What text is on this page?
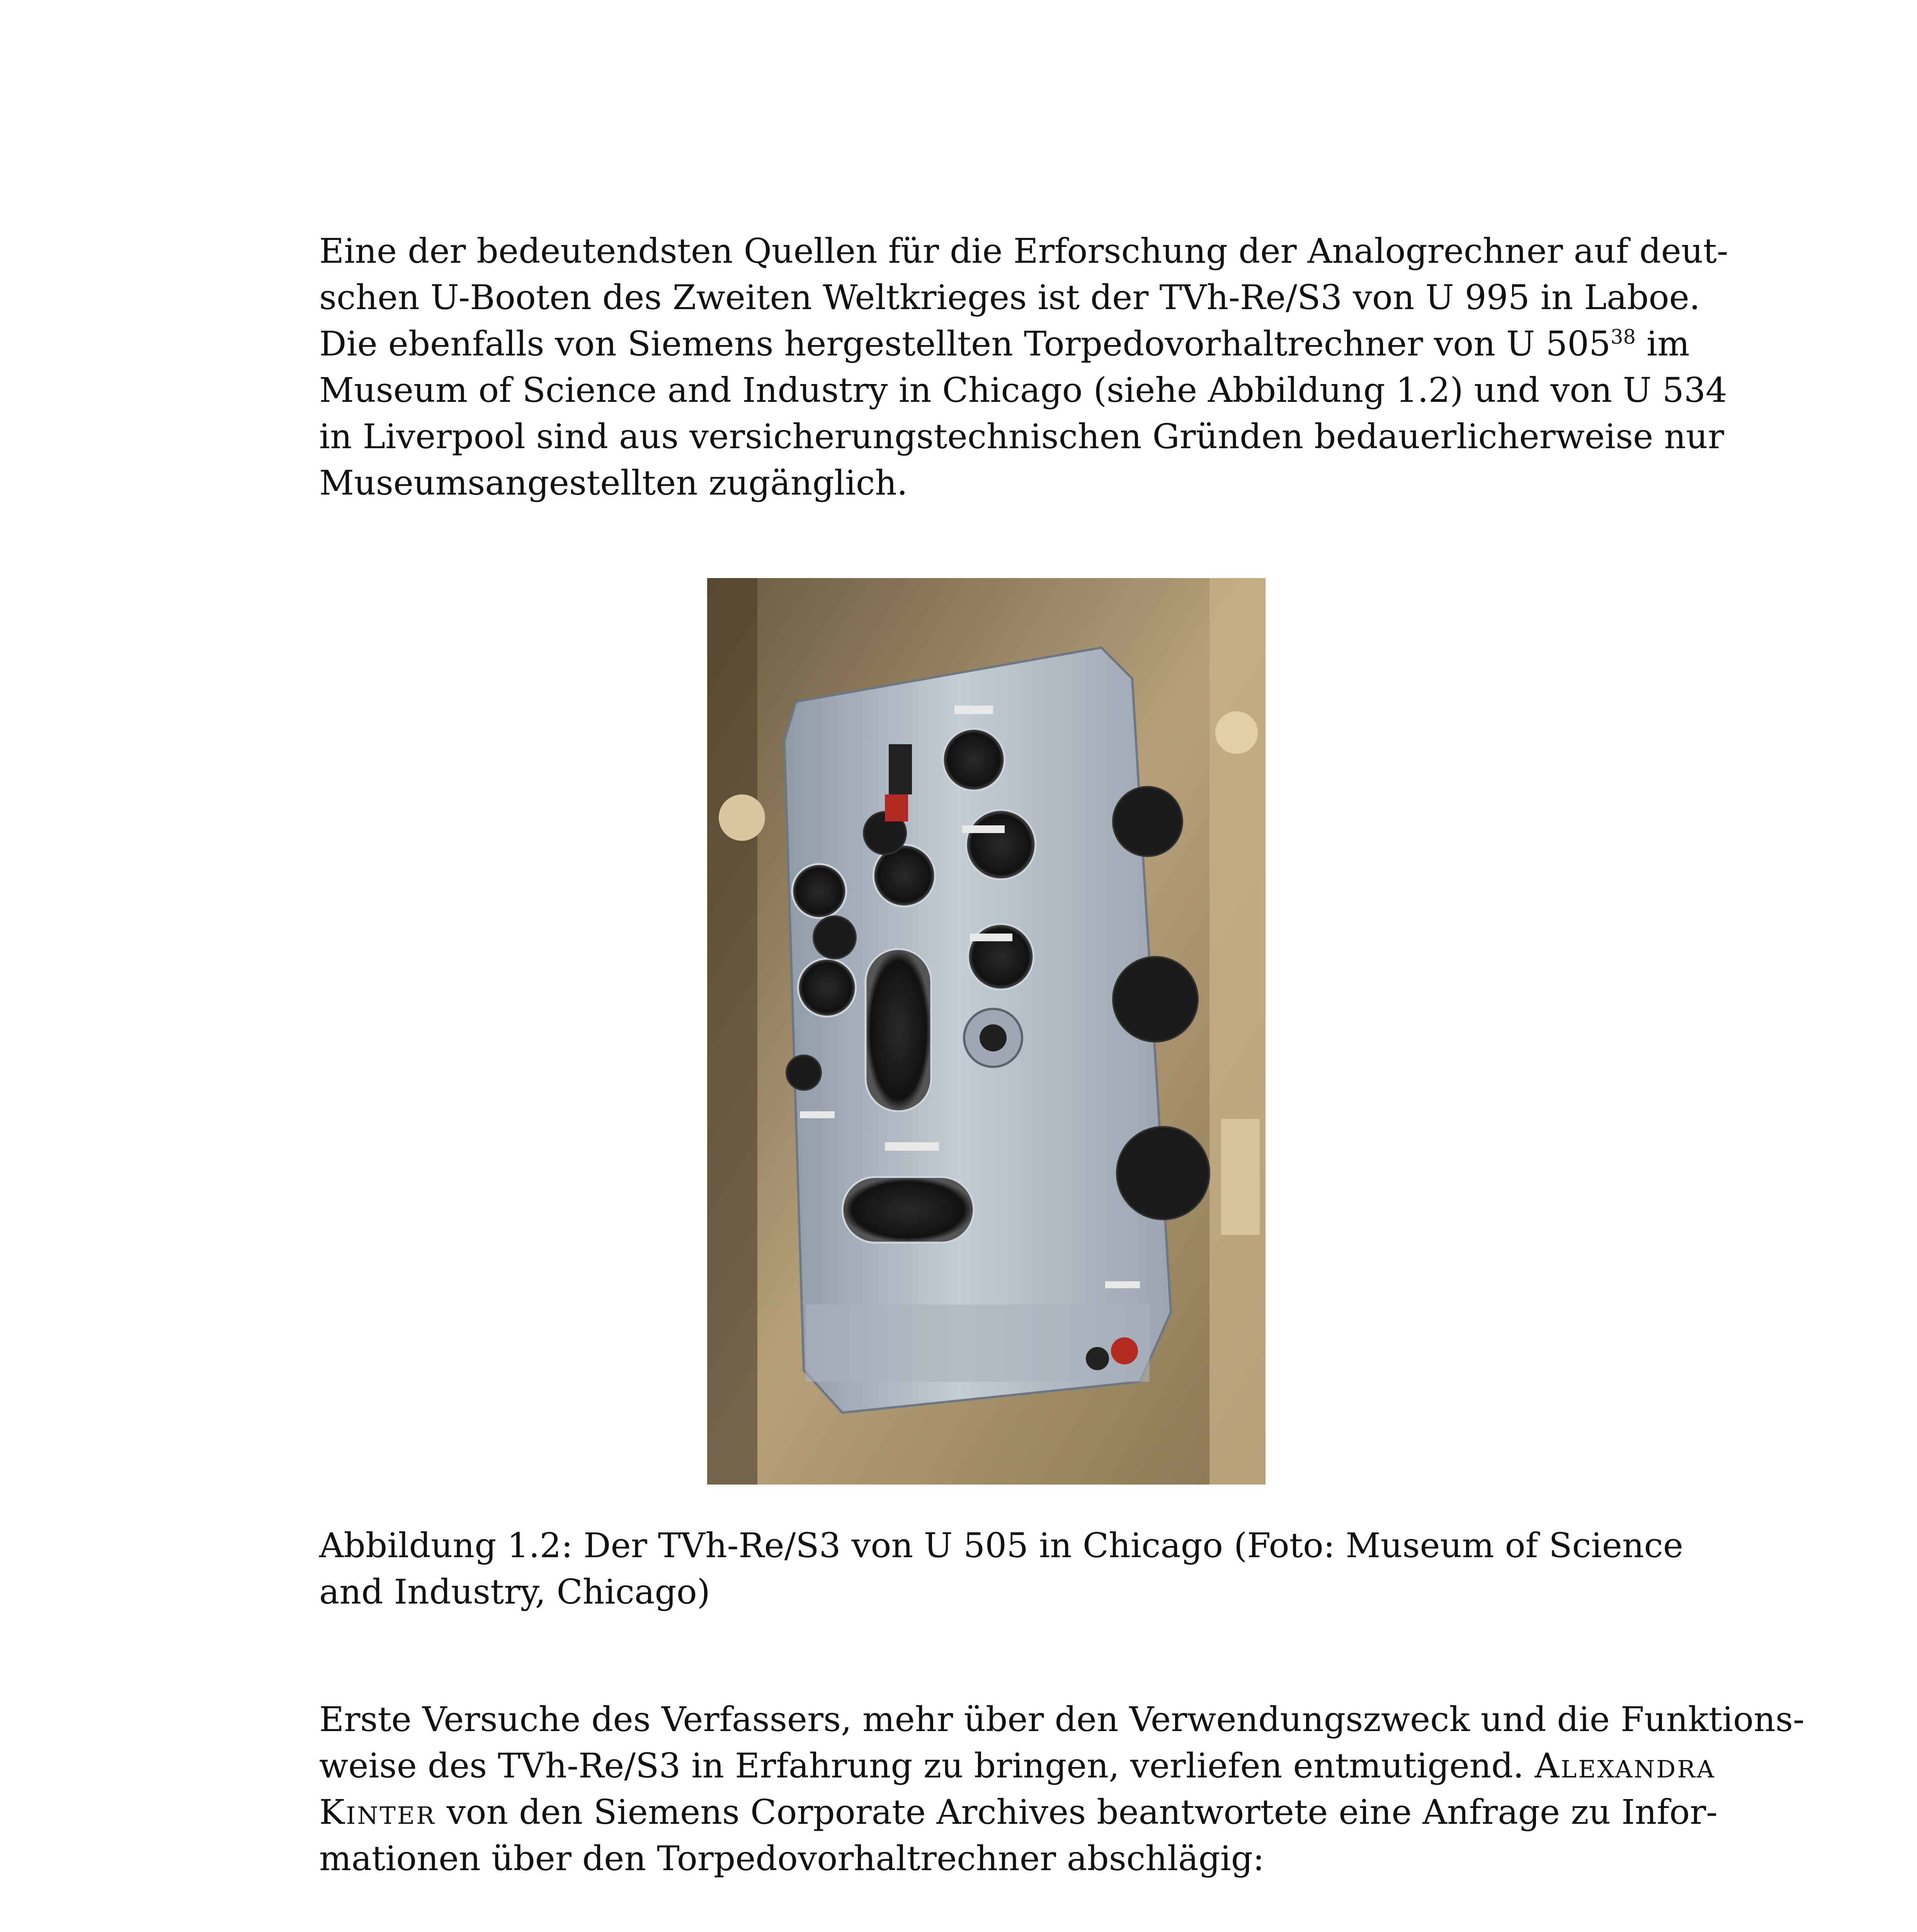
Eine der bedeutendsten Quellen für die Erforschung der Analogrechner auf deut-
schen U-Booten des Zweiten Weltkrieges ist der TVh-Re/S3 von U 995 in Laboe.
Die ebenfalls von Siemens hergestellten Torpedovorhaltrechner von U $505^{38}$ im
Museum of Science and Industry in Chicago (siehe Abbildung 1.2) und von U 534
in Liverpool sind aus versicherungstechnischen Gründen bedauerlicherweise nur
Museumsangestellten zugänglich.
Abbildung 1.2: Der TVh-Re/S3 von U 505 in Chicago (Foto: Museum of Science
and Industry, Chicago)
Erste Versuche des Verfassers, mehr über den Verwendungszweck und die Funktions-
weise des TVh-Re/S3 in Erfahrung zu bringen, verliefen entmutigend. Alexandra
Kinter von den Siemens Corporate Archives beantwortete eine Anfrage zu Infor-
mationen über den Torpedovorhaltrechner abschlägig:
